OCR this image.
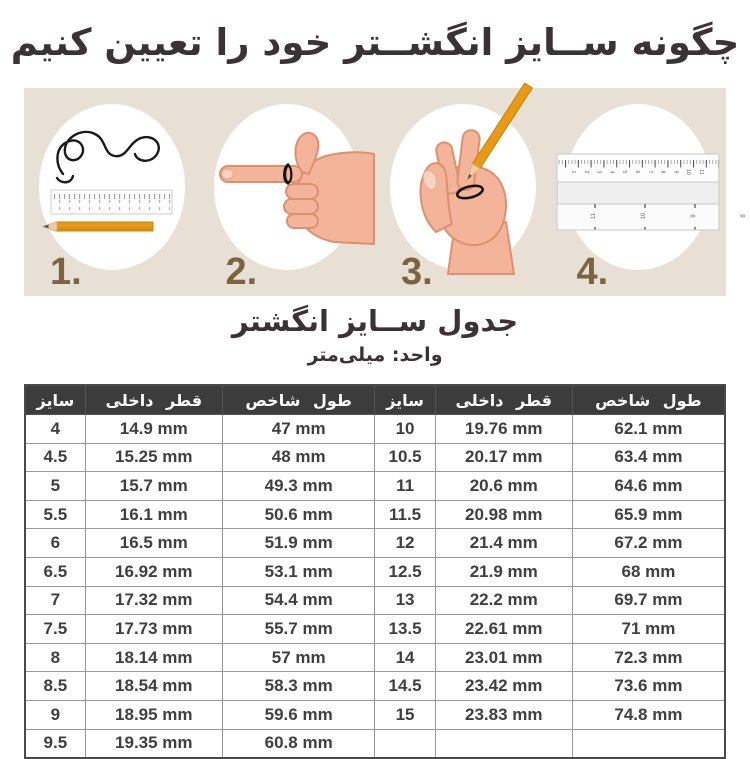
چگونه ســایز انگشــتر خود را تعیین کنیم
1.	2.	3.
1 2 3 4 5 6 7 8 9 10 11
11	10	9	8
4.
جدول ســایز انگشتر
واحد: میلی‌متر
سایز	قطر داخلی	طول شاخص	سایز	قطر داخلی	طول شاخص
4	14.9 mm	47 mm	10	19.76 mm	62.1 mm
4.5	15.25 mm	48 mm	10.5	20.17 mm	63.4 mm
5	15.7 mm	49.3 mm	11	20.6 mm	64.6 mm
5.5	16.1 mm	50.6 mm	11.5	20.98 mm	65.9 mm
6	16.5 mm	51.9 mm	12	21.4 mm	67.2 mm
6.5	16.92 mm	53.1 mm	12.5	21.9 mm	68 mm
7	17.32 mm	54.4 mm	13	22.2 mm	69.7 mm
7.5	17.73 mm	55.7 mm	13.5	22.61 mm	71 mm
8	18.14 mm	57 mm	14	23.01 mm	72.3 mm
8.5	18.54 mm	58.3 mm	14.5	23.42 mm	73.6 mm
9	18.95 mm	59.6 mm	15	23.83 mm	74.8 mm
9.5	19.35 mm	60.8 mm			
